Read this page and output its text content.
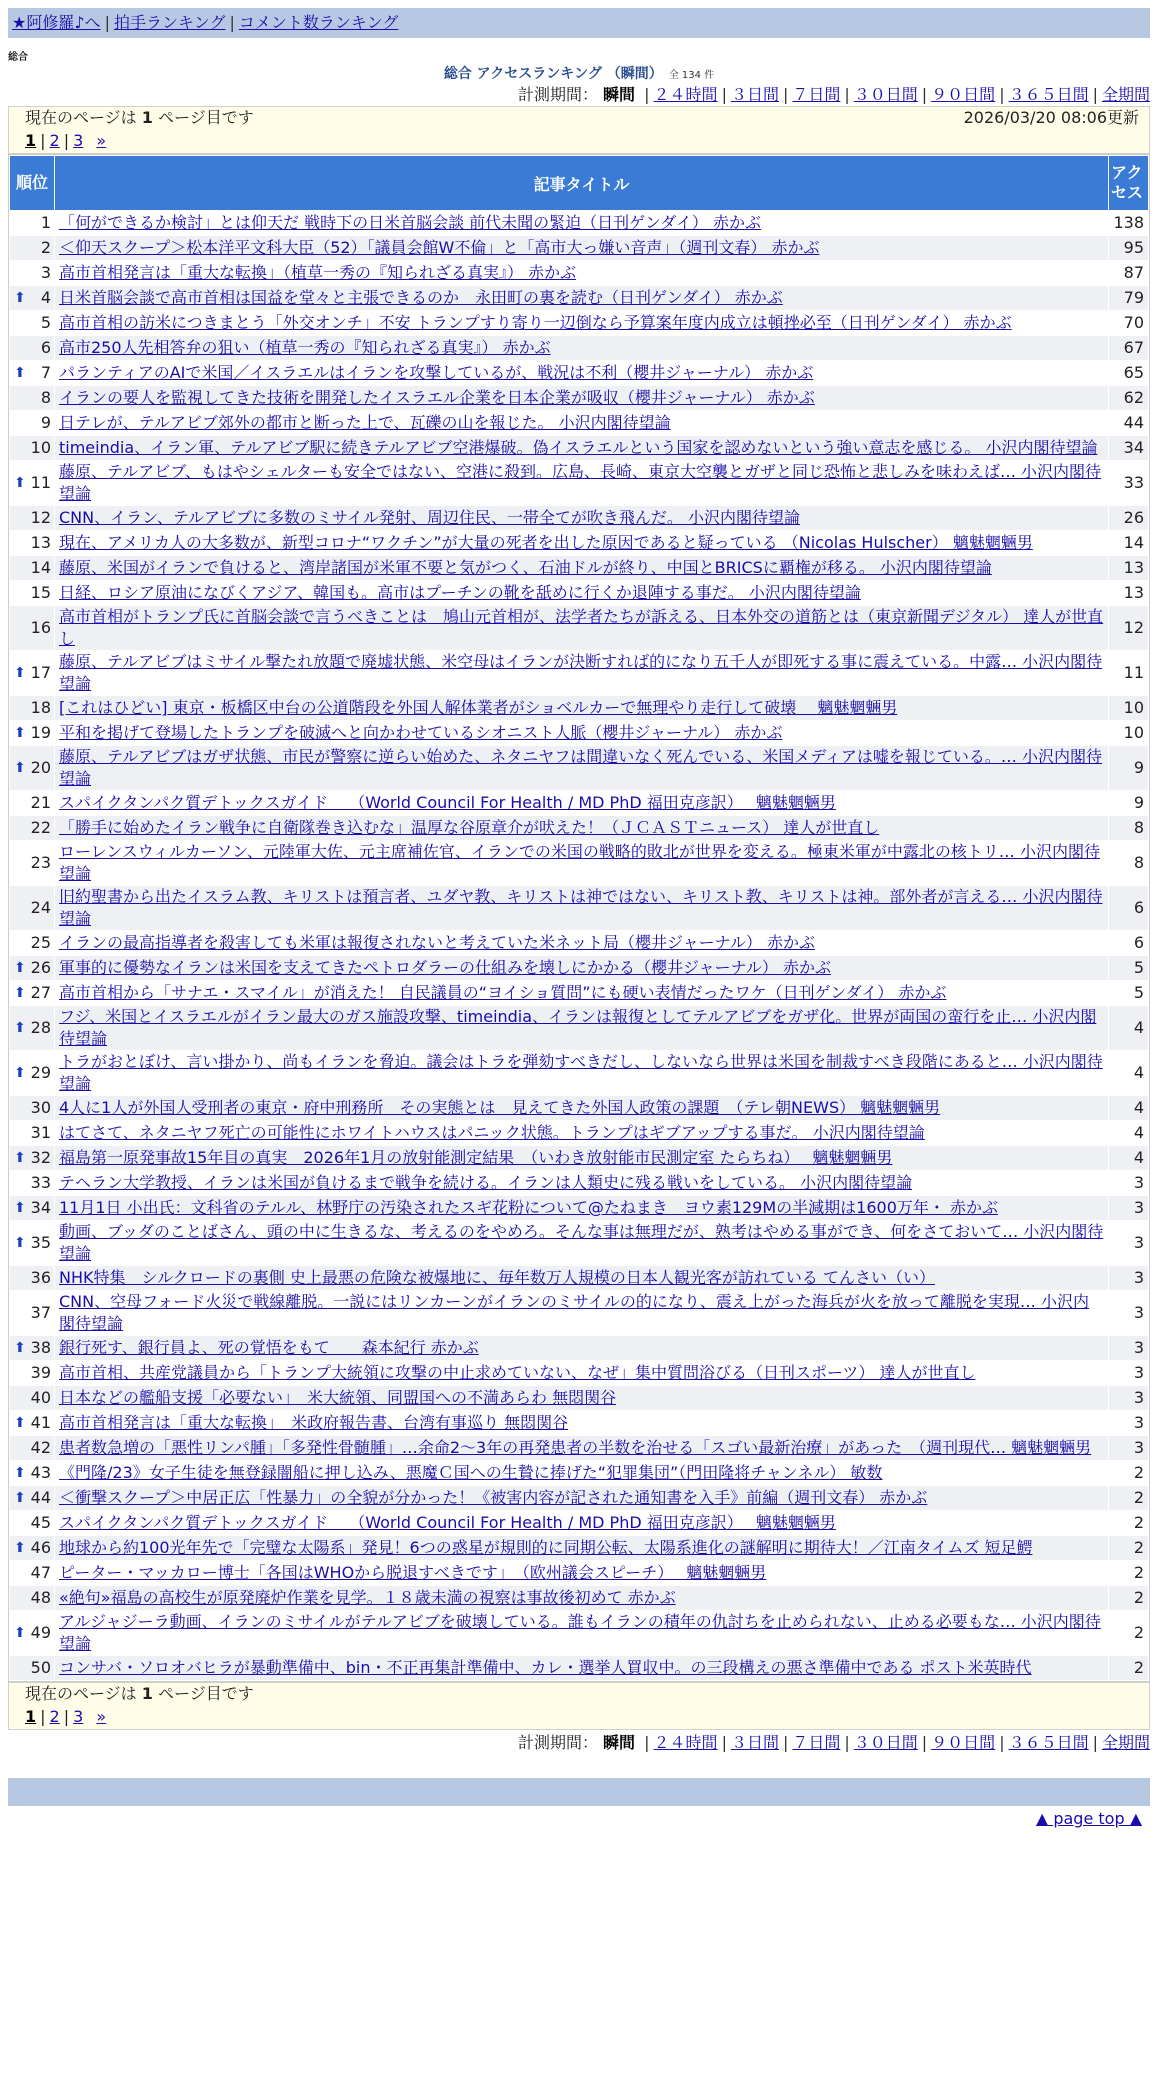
★阿修羅♪へ | 拍手ランキング | コメント数ランキング
総合
総合 アクセスランキング （瞬間） 全 134 件
計測期間： 瞬間 | ２４時間 | ３日間 | ７日間 | ３０日間 | ９０日間 | ３６５日間 | 全期間
現在のページは 1 ページ目です	2026/03/20 08:06更新
1 | 2 | 3 »
順位	記事タイトル	アクセス
1	「何ができるか検討」とは仰天だ 戦時下の日米首脳会談 前代未聞の緊迫（日刊ゲンダイ） 赤かぶ	138
2	＜仰天スクープ＞松本洋平文科大臣（52）「議員会館W不倫」と「高市大っ嫌い音声」（週刊文春） 赤かぶ	95
3	高市首相発言は「重大な転換」（植草一秀の『知られざる真実』） 赤かぶ	87

⬆ 4	日米首脳会談で高市首相は国益を堂々と主張できるのか　永田町の裏を読む（日刊ゲンダイ） 赤かぶ	79
5	高市首相の訪米につきまとう「外交オンチ」不安 トランプすり寄り一辺倒なら予算案年度内成立は頓挫必至（日刊ゲンダイ） 赤かぶ	70
6	高市250人先相答弁の狙い（植草一秀の『知られざる真実』） 赤かぶ	67

⬆ 7	パランティアのAIで米国／イスラエルはイランを攻撃しているが、戦況は不利（櫻井ジャーナル） 赤かぶ	65
8	イランの要人を監視してきた技術を開発したイスラエル企業を日本企業が吸収（櫻井ジャーナル） 赤かぶ	62
9	日テレが、テルアビブ郊外の都市と断った上で、瓦礫の山を報じた。 小沢内閣待望論	44
10	timeindia、イラン軍、テルアビブ駅に続きテルアビブ空港爆破。偽イスラエルという国家を認めないという強い意志を感じる。 小沢内閣待望論	34

⬆ 11	藤原、テルアビブ、もはやシェルターも安全ではない、空港に殺到。広島、長崎、東京大空襲とガザと同じ恐怖と悲しみを味わえば… 小沢内閣待望論	33
12	CNN、イラン、テルアビブに多数のミサイル発射、周辺住民、一帯全てが吹き飛んだ。 小沢内閣待望論	26
13	現在、アメリカ人の大多数が、新型コロナ“ワクチン”が大量の死者を出した原因であると疑っている （Nicolas Hulscher） 魑魅魍魎男	14
14	藤原、米国がイランで負けると、湾岸諸国が米軍不要と気がつく、石油ドルが終り、中国とBRICSに覇権が移る。 小沢内閣待望論	13
15	日経、ロシア原油になびくアジア、韓国も。高市はプーチンの靴を舐めに行くか退陣する事だ。 小沢内閣待望論	13
16	高市首相がトランプ氏に首脳会談で言うべきことは　鳩山元首相が、法学者たちが訴える、日本外交の道筋とは（東京新聞デジタル） 達人が世直し	12

⬆ 17	藤原、テルアビブはミサイル撃たれ放題で廃墟状態、米空母はイランが決断すれば的になり五千人が即死する事に震えている。中露… 小沢内閣待望論	11
18	[これはひどい] 東京・板橋区中台の公道階段を外国人解体業者がショベルカーで無理やり走行して破壊　 魑魅魍魎男	10

⬆ 19	平和を掲げて登場したトランプを破滅へと向かわせているシオニスト人脈（櫻井ジャーナル） 赤かぶ	10

⬆ 20	藤原、テルアビブはガザ状態、市民が警察に逆らい始めた、ネタニヤフは間違いなく死んでいる、米国メディアは嘘を報じている。… 小沢内閣待望論	9
21	スパイクタンパク質デトックスガイド　 （World Council For Health / MD PhD 福田克彦訳）　 魑魅魍魎男	9
22	「勝手に始めたイラン戦争に自衛隊巻き込むな」温厚な谷原章介が吠えた！（ＪＣＡＳＴニュース） 達人が世直し	8
23	ローレンスウィルカーソン、元陸軍大佐、元主席補佐官、イランでの米国の戦略的敗北が世界を変える。極東米軍が中露北の核トリ… 小沢内閣待望論	8
24	旧約聖書から出たイスラム教、キリストは預言者、ユダヤ教、キリストは神ではない、キリスト教、キリストは神。部外者が言える… 小沢内閣待望論	6
25	イランの最高指導者を殺害しても米軍は報復されないと考えていた米ネット局（櫻井ジャーナル） 赤かぶ	6

⬆ 26	軍事的に優勢なイランは米国を支えてきたペトロダラーの仕組みを壊しにかかる（櫻井ジャーナル） 赤かぶ	5

⬆ 27	高市首相から「サナエ・スマイル」が消えた！ 自民議員の“ヨイショ質問”にも硬い表情だったワケ（日刊ゲンダイ） 赤かぶ	5

⬆ 28	フジ、米国とイスラエルがイラン最大のガス施設攻撃、timeindia、イランは報復としてテルアビブをガザ化。世界が両国の蛮行を止… 小沢内閣待望論	4

⬆ 29	トラがおとぼけ、言い掛かり、尚もイランを脅迫。議会はトラを弾劾すべきだし、しないなら世界は米国を制裁すべき段階にあると… 小沢内閣待望論	4
30	4人に1人が外国人受刑者の東京・府中刑務所　その実態とは　見えてきた外国人政策の課題　（テレ朝NEWS） 魑魅魍魎男	4
31	はてさて、ネタニヤフ死亡の可能性にホワイトハウスはパニック状態。トランプはギブアップする事だ。 小沢内閣待望論	4

⬆ 32	福島第一原発事故15年目の真実　2026年1月の放射能測定結果　（いわき放射能市民測定室 たらちね）　 魑魅魍魎男	4
33	テヘラン大学教授、イランは米国が負けるまで戦争を続ける。イランは人類史に残る戦いをしている。 小沢内閣待望論	3

⬆ 34	11月1日 小出氏：文科省のテルル、林野庁の汚染されたスギ花粉について@たねまき　ヨウ素129Mの半減期は1600万年・ 赤かぶ	3

⬆ 35	動画、ブッダのことばさん、頭の中に生きるな、考えるのをやめろ。そんな事は無理だが、熟考はやめる事ができ、何をさておいて… 小沢内閣待望論	3
36	NHK特集　シルクロードの裏側 史上最悪の危険な被爆地に、毎年数万人規模の日本人観光客が訪れている てんさい（い）	3
37	CNN、空母フォード火災で戦線離脱。一説にはリンカーンがイランのミサイルの的になり、震え上がった海兵が火を放って離脱を実現… 小沢内閣待望論	3

⬆ 38	銀行死す、銀行員よ、死の覚悟をもて　　森本紀行 赤かぶ	3
39	高市首相、共産党議員から「トランプ大統領に攻撃の中止求めていない、なぜ」集中質問浴びる（日刊スポーツ） 達人が世直し	3
40	日本などの艦船支援「必要ない」　米大統領、同盟国への不満あらわ 無悶関谷	3

⬆ 41	高市首相発言は「重大な転換」　米政府報告書、台湾有事巡り 無悶関谷	3
42	患者数急増の「悪性リンパ腫」「多発性骨髄腫」…余命2～3年の再発患者の半数を治せる「スゴい最新治療」があった　（週刊現代… 魑魅魍魎男	3

⬆ 43	《門隆/23》女子生徒を無登録闇船に押し込み、悪魔Ｃ国への生贄に捧げた“犯罪集団”（門田隆将チャンネル） 敏数	2

⬆ 44	＜衝撃スクープ＞中居正広「性暴力」の全貌が分かった！《被害内容が記された通知書を入手》前編（週刊文春） 赤かぶ	2
45	スパイクタンパク質デトックスガイド　 （World Council For Health / MD PhD 福田克彦訳）　 魑魅魍魎男	2

⬆ 46	地球から約100光年先で「完璧な太陽系」発見！6つの惑星が規則的に同期公転、太陽系進化の謎解明に期待大！／江南タイムズ 短足鰐	2
47	ピーター・マッカロー博士「各国はWHOから脱退すべきです」　（欧州議会スピーチ）　 魑魅魍魎男	2
48	«絶句»福島の高校生が原発廃炉作業を見学。１８歳未満の視察は事故後初めて 赤かぶ	2

⬆ 49	アルジャジーラ動画、イランのミサイルがテルアビブを破壊している。誰もイランの積年の仇討ちを止められない、止める必要もな… 小沢内閣待望論	2
50	コンサバ・ソロオバヒラが暴動準備中、bin・不正再集計準備中、カレ・選挙人買収中。の三段構えの悪さ準備中である ポスト米英時代	2
現在のページは 1 ページ目です
1 | 2 | 3 »
計測期間： 瞬間 | ２４時間 | ３日間 | ７日間 | ３０日間 | ９０日間 | ３６５日間 | 全期間
▲ page top ▲
